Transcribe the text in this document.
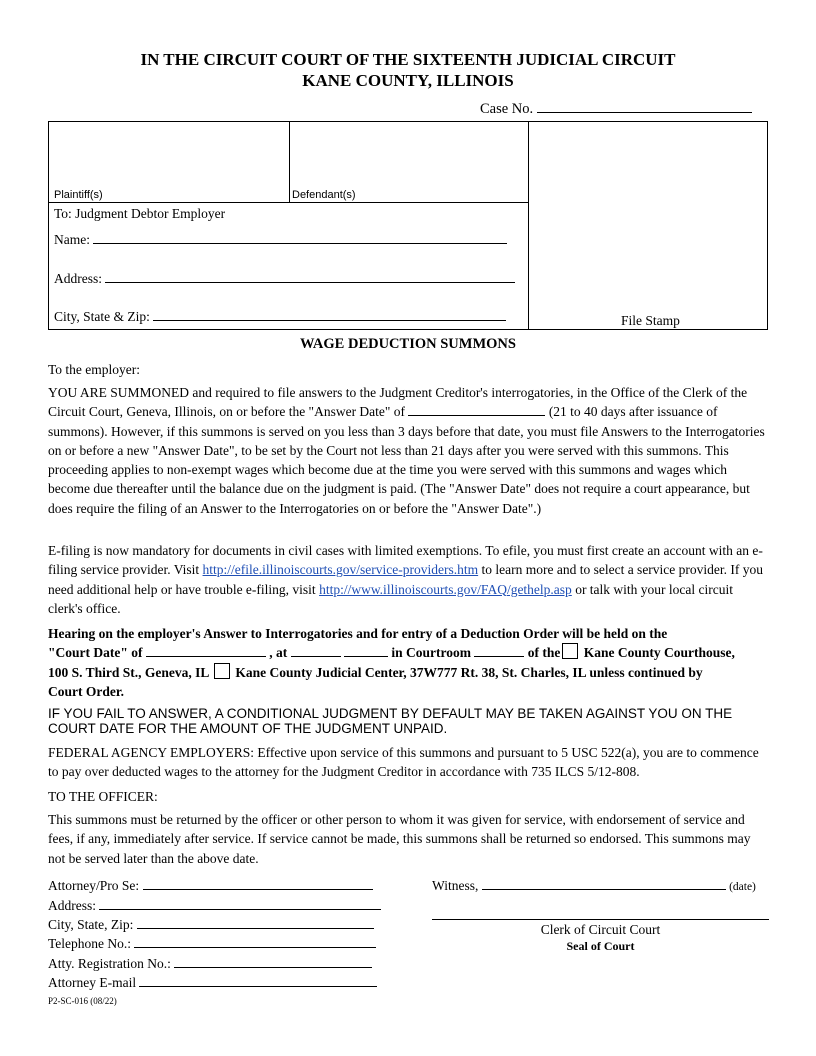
IN THE CIRCUIT COURT OF THE SIXTEENTH JUDICIAL CIRCUIT
KANE COUNTY, ILLINOIS
Case No.
Plaintiff(s)	Defendant(s)
File Stamp
To: Judgment Debtor Employer
Name:
Address:
City, State & Zip:
WAGE DEDUCTION SUMMONS
To the employer:
YOU ARE SUMMONED and required to file answers to the Judgment Creditor's interrogatories, in the Office of the Clerk of the Circuit Court, Geneva, Illinois, on or before the "Answer Date" of	(21 to 40 days after issuance of summons). However, if this summons is served on you less than 3 days before that date, you must file Answers to the Interrogatories on or before a new "Answer Date", to be set by the Court not less than 21 days after you were served with this summons. This proceeding applies to non-exempt wages which become due at the time you were served with this summons and wages which become due thereafter until the balance due on the judgment is paid. (The "Answer Date" does not require a court appearance, but does require the filing of an Answer to the Interrogatories on or before the "Answer Date".)
E-filing is now mandatory for documents in civil cases with limited exemptions. To efile, you must first create an account with an e-filing service provider. Visit http://efile.illinoiscourts.gov/service-providers.htm to learn more and to select a service provider. If you need additional help or have trouble e-filing, visit http://www.illinoiscourts.gov/FAQ/gethelp.asp or talk with your local circuit clerk's office.
Hearing on the employer's Answer to Interrogatories and for entry of a Deduction Order will be held on the
"Court Date" of	, at	in Courtroom	of the Kane County Courthouse,
100 S. Third St., Geneva, IL Kane County Judicial Center, 37W777 Rt. 38, St. Charles, IL unless continued by
Court Order.
IF YOU FAIL TO ANSWER, A CONDITIONAL JUDGMENT BY DEFAULT MAY BE TAKEN AGAINST YOU ON THE COURT DATE FOR THE AMOUNT OF THE JUDGMENT UNPAID.
FEDERAL AGENCY EMPLOYERS: Effective upon service of this summons and pursuant to 5 USC 522(a), you are to commence to pay over deducted wages to the attorney for the Judgment Creditor in accordance with 735 ILCS 5/12-808.
TO THE OFFICER:
This summons must be returned by the officer or other person to whom it was given for service, with endorsement of service and fees, if any, immediately after service. If service cannot be made, this summons shall be returned so endorsed. This summons may not be served later than the above date.
Attorney/Pro Se:
Address:
City, State, Zip:
Telephone No.:
Atty. Registration No.:
Attorney E-mail
P2-SC-016 (08/22)
Witness,	(date)
Clerk of Circuit Court
Seal of Court
